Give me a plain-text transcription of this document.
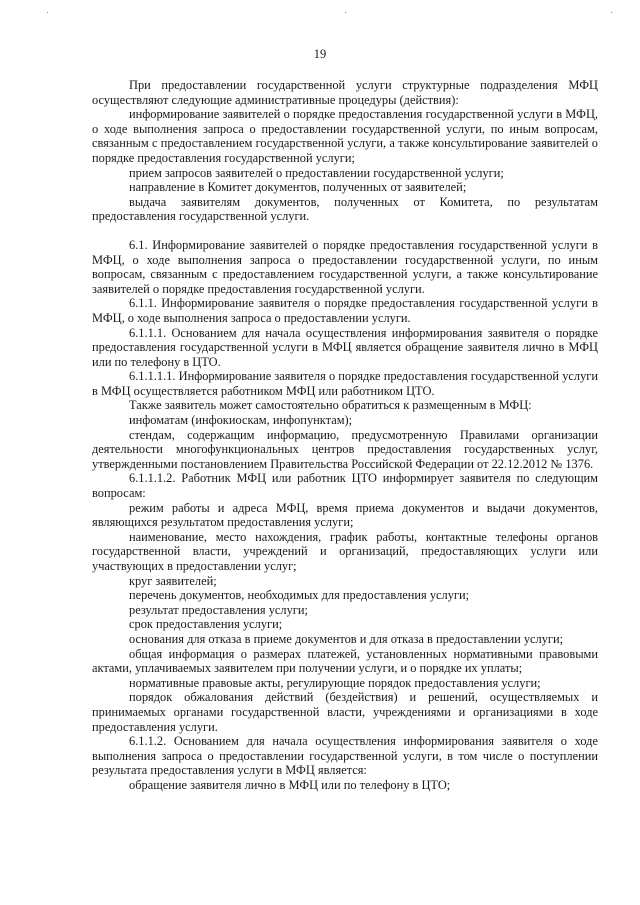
·	·	·
19

При предоставлении государственной услуги структурные подразделения МФЦ осуществляют следующие административные процедуры (действия):

информирование заявителей о порядке предоставления государственной услуги в МФЦ, о ходе выполнения запроса о предоставлении государственной услуги, по иным вопросам, связанным с предоставлением государственной услуги, а также консультирование заявителей о порядке предоставления государственной услуги;

прием запросов заявителей о предоставлении государственной услуги;

направление в Комитет документов, полученных от заявителей;

выдача заявителям документов, полученных от Комитета, по результатам предоставления государственной услуги.

6.1. Информирование заявителей о порядке предоставления государственной услуги в МФЦ, о ходе выполнения запроса о предоставлении государственной услуги, по иным вопросам, связанным с предоставлением государственной услуги, а также консультирование заявителей о порядке предоставления государственной услуги.

6.1.1. Информирование заявителя о порядке предоставления государственной услуги в МФЦ, о ходе выполнения запроса о предоставлении услуги.

6.1.1.1. Основанием для начала осуществления информирования заявителя о порядке предоставления государственной услуги в МФЦ является обращение заявителя лично в МФЦ или по телефону в ЦТО.

6.1.1.1.1. Информирование заявителя о порядке предоставления государственной услуги в МФЦ осуществляется работником МФЦ или работником ЦТО.

Также заявитель может самостоятельно обратиться к размещенным в МФЦ:

инфоматам (инфокиоскам, инфопунктам);

стендам, содержащим информацию, предусмотренную Правилами организации деятельности многофункциональных центров предоставления государственных услуг, утвержденными постановлением Правительства Российской Федерации от 22.12.2012 № 1376.

6.1.1.1.2. Работник МФЦ или работник ЦТО информирует заявителя по следующим вопросам:

режим работы и адреса МФЦ, время приема документов и выдачи документов, являющихся результатом предоставления услуги;

наименование, место нахождения, график работы, контактные телефоны органов государственной власти, учреждений и организаций, предоставляющих услуги или участвующих в предоставлении услуг;

круг заявителей;

перечень документов, необходимых для предоставления услуги;

результат предоставления услуги;

срок предоставления услуги;

основания для отказа в приеме документов и для отказа в предоставлении услуги;

общая информация о размерах платежей, установленных нормативными правовыми актами, уплачиваемых заявителем при получении услуги, и о порядке их уплаты;

нормативные правовые акты, регулирующие порядок предоставления услуги;

порядок обжалования действий (бездействия) и решений, осуществляемых и принимаемых органами государственной власти, учреждениями и организациями в ходе предоставления услуги.

6.1.1.2. Основанием для начала осуществления информирования заявителя о ходе выполнения запроса о предоставлении государственной услуги, в том числе о поступлении результата предоставления услуги в МФЦ является:

обращение заявителя лично в МФЦ или по телефону в ЦТО;
